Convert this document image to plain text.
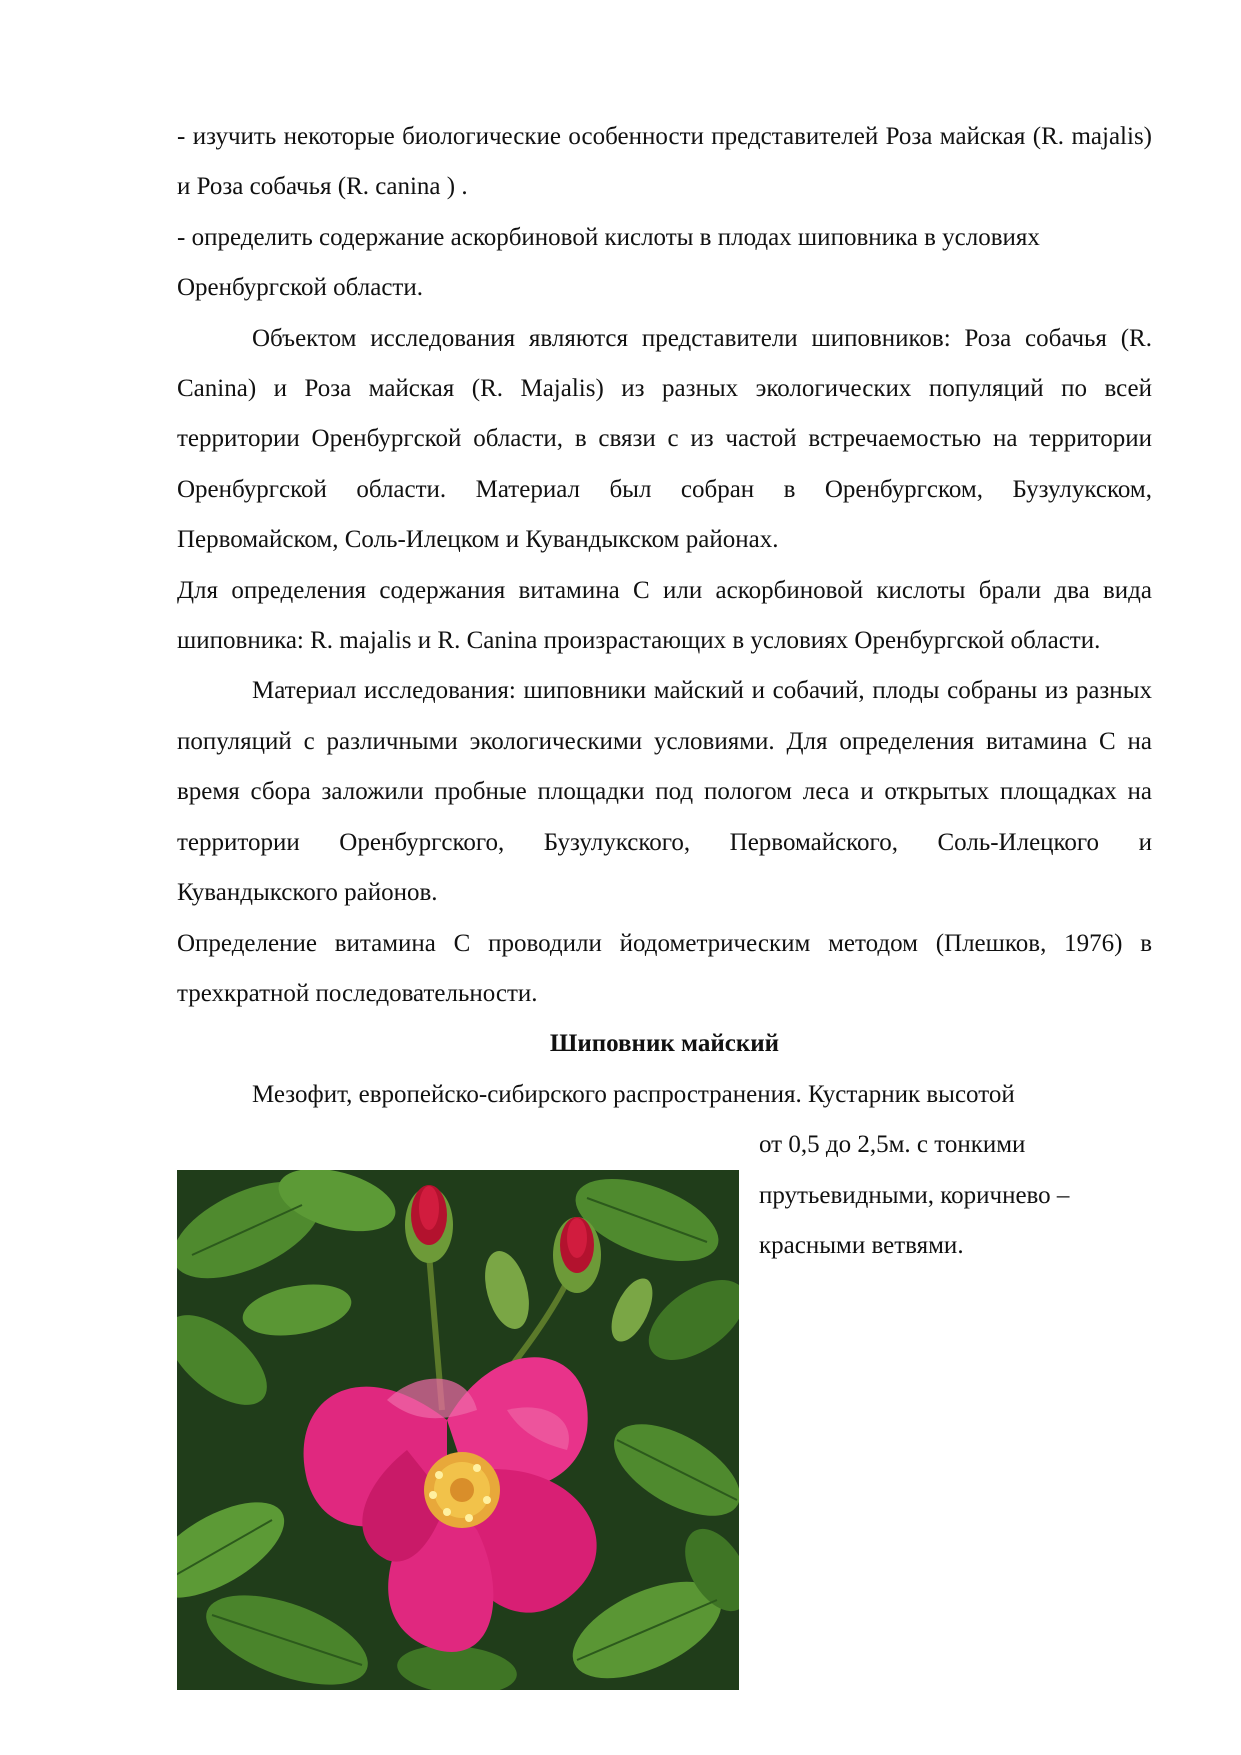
- изучить некоторые биологические особенности представителей Роза майская (R. majalis) и Роза собачья (R. canina ) .

- определить содержание аскорбиновой кислоты в плодах шиповника в условиях Оренбургской области.

Объектом исследования являются представители шиповников: Роза собачья (R. Canina) и Роза майская (R. Majalis) из разных экологических популяций по всей территории Оренбургской области, в связи с из частой встречаемостью на территории Оренбургской области. Материал был собран в Оренбургском, Бузулукском, Первомайском, Соль-Илецком и Кувандыкском районах.

Для определения содержания витамина С или аскорбиновой кислоты брали два вида шиповника: R. majalis и R. Canina произрастающих в условиях Оренбургской области.

Материал исследования: шиповники майский и собачий, плоды собраны из разных популяций с различными экологическими условиями. Для определения витамина С на время сбора заложили пробные площадки под пологом леса и открытых площадках на территории Оренбургского, Бузулукского, Первомайского, Соль-Илецкого и Кувандыкского районов.

Определение витамина С проводили йодометрическим методом (Плешков, 1976) в трехкратной последовательности.

Шиповник майский

Мезофит, европейско-сибирского распространения. Кустарник высотой

от 0,5 до 2,5м. с тонкими прутьевидными, коричнево – красными ветвями.
